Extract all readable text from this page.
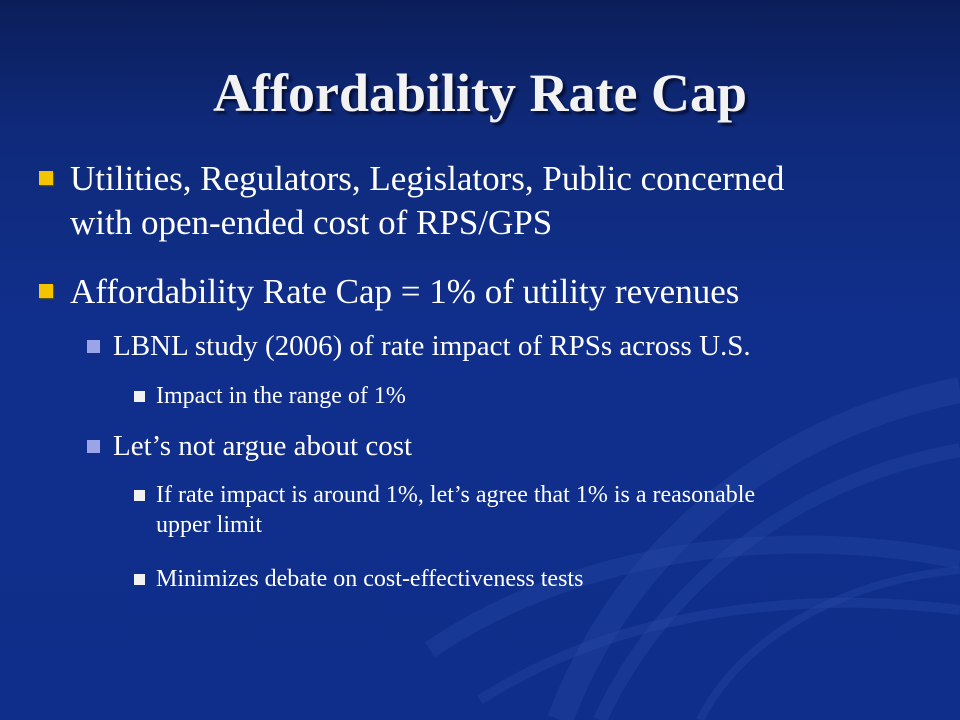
Affordability Rate Cap
Utilities, Regulators, Legislators, Public concerned
with open-ended cost of RPS/GPS
Affordability Rate Cap = 1% of utility revenues
LBNL study (2006) of rate impact of RPSs across U.S.
Impact in the range of 1%
Let’s not argue about cost
If rate impact is around 1%, let’s agree that 1% is a reasonable
upper limit
Minimizes debate on cost-effectiveness tests
